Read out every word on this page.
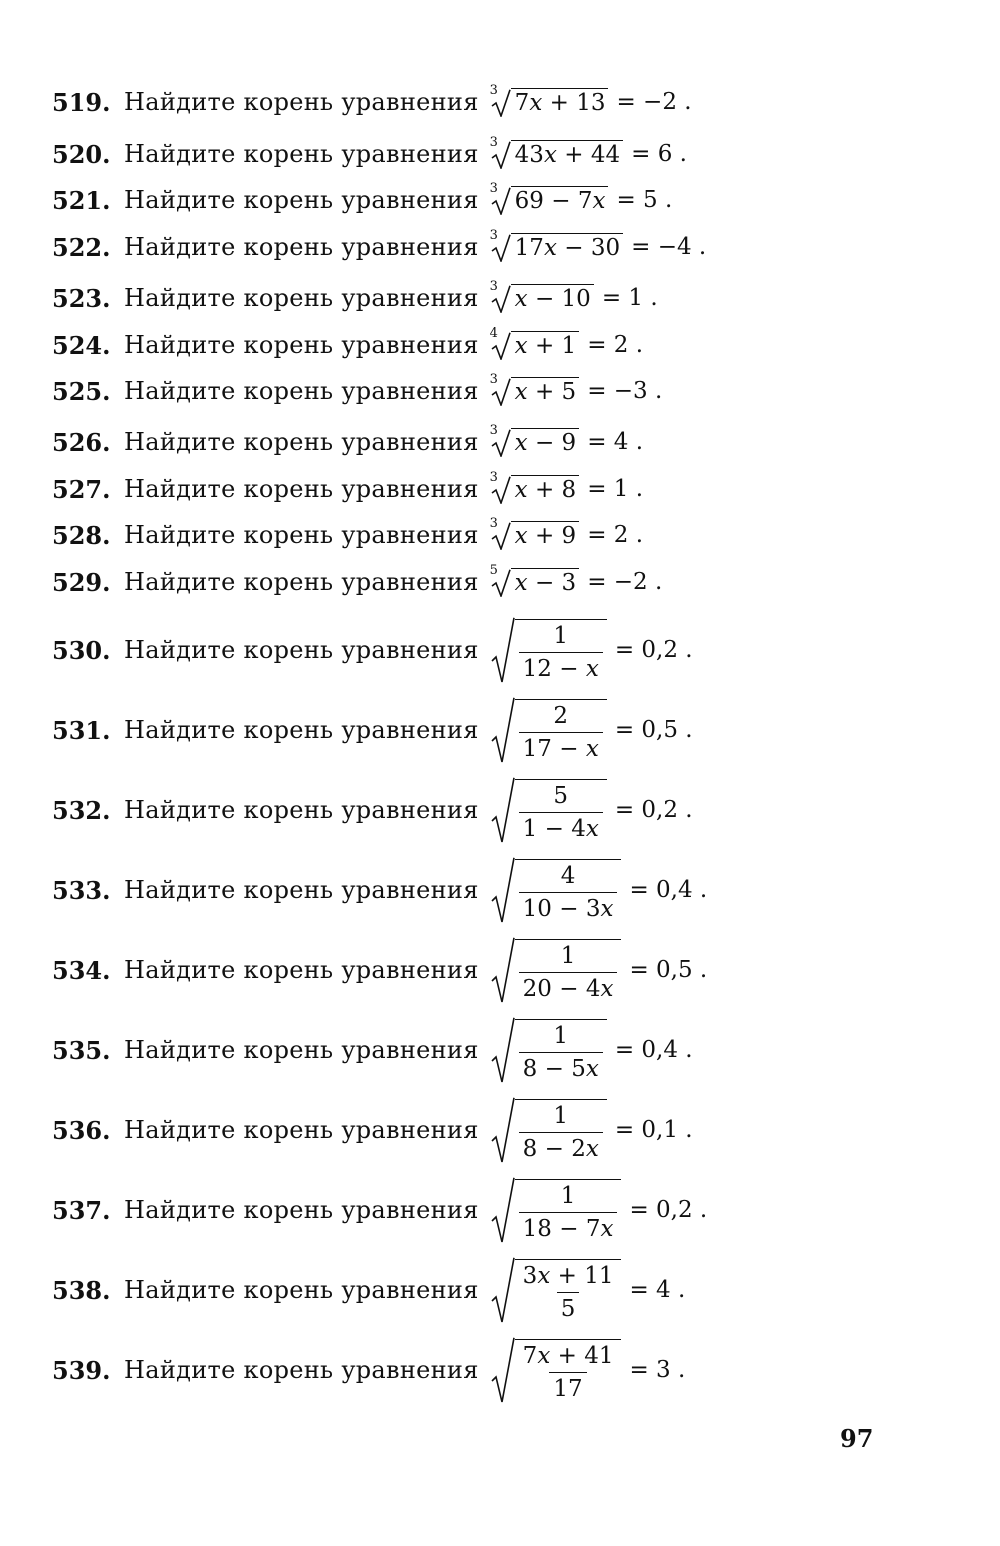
519. Найдите корень уравнения 3 7x + 13 = −2 .
520. Найдите корень уравнения 3 43x + 44 = 6 .
521. Найдите корень уравнения 3 69 − 7x = 5 .
522. Найдите корень уравнения 3 17x − 30 = −4 .
523. Найдите корень уравнения 3 x − 10 = 1 .
524. Найдите корень уравнения 4 x + 1 = 2 .
525. Найдите корень уравнения 3 x + 5 = −3 .
526. Найдите корень уравнения 3 x − 9 = 4 .
527. Найдите корень уравнения 3 x + 8 = 1 .
528. Найдите корень уравнения 3 x + 9 = 2 .
529. Найдите корень уравнения 5 x − 3 = −2 .
530. Найдите корень уравнения $\frac{1}{12 - x} = 0,2$ .
531. Найдите корень уравнения $\frac{2}{17 - x} = 0,5$ .
532. Найдите корень уравнения $\frac{5}{1 - 4x} = 0,2$ .
533. Найдите корень уравнения $\frac{4}{10 - 3x} = 0,4$ .
534. Найдите корень уравнения $\frac{1}{20 - 4x} = 0,5$ .
535. Найдите корень уравнения $\frac{1}{8 - 5x} = 0,4$ .
536. Найдите корень уравнения $\frac{1}{8 - 2x} = 0,1$ .
537. Найдите корень уравнения $\frac{1}{18 - 7x} = 0,2$ .
538. Найдите корень уравнения $\frac{3x + 11}{5} = 4$ .
539. Найдите корень уравнения $\frac{7x + 41}{17} = 3$ .
97
